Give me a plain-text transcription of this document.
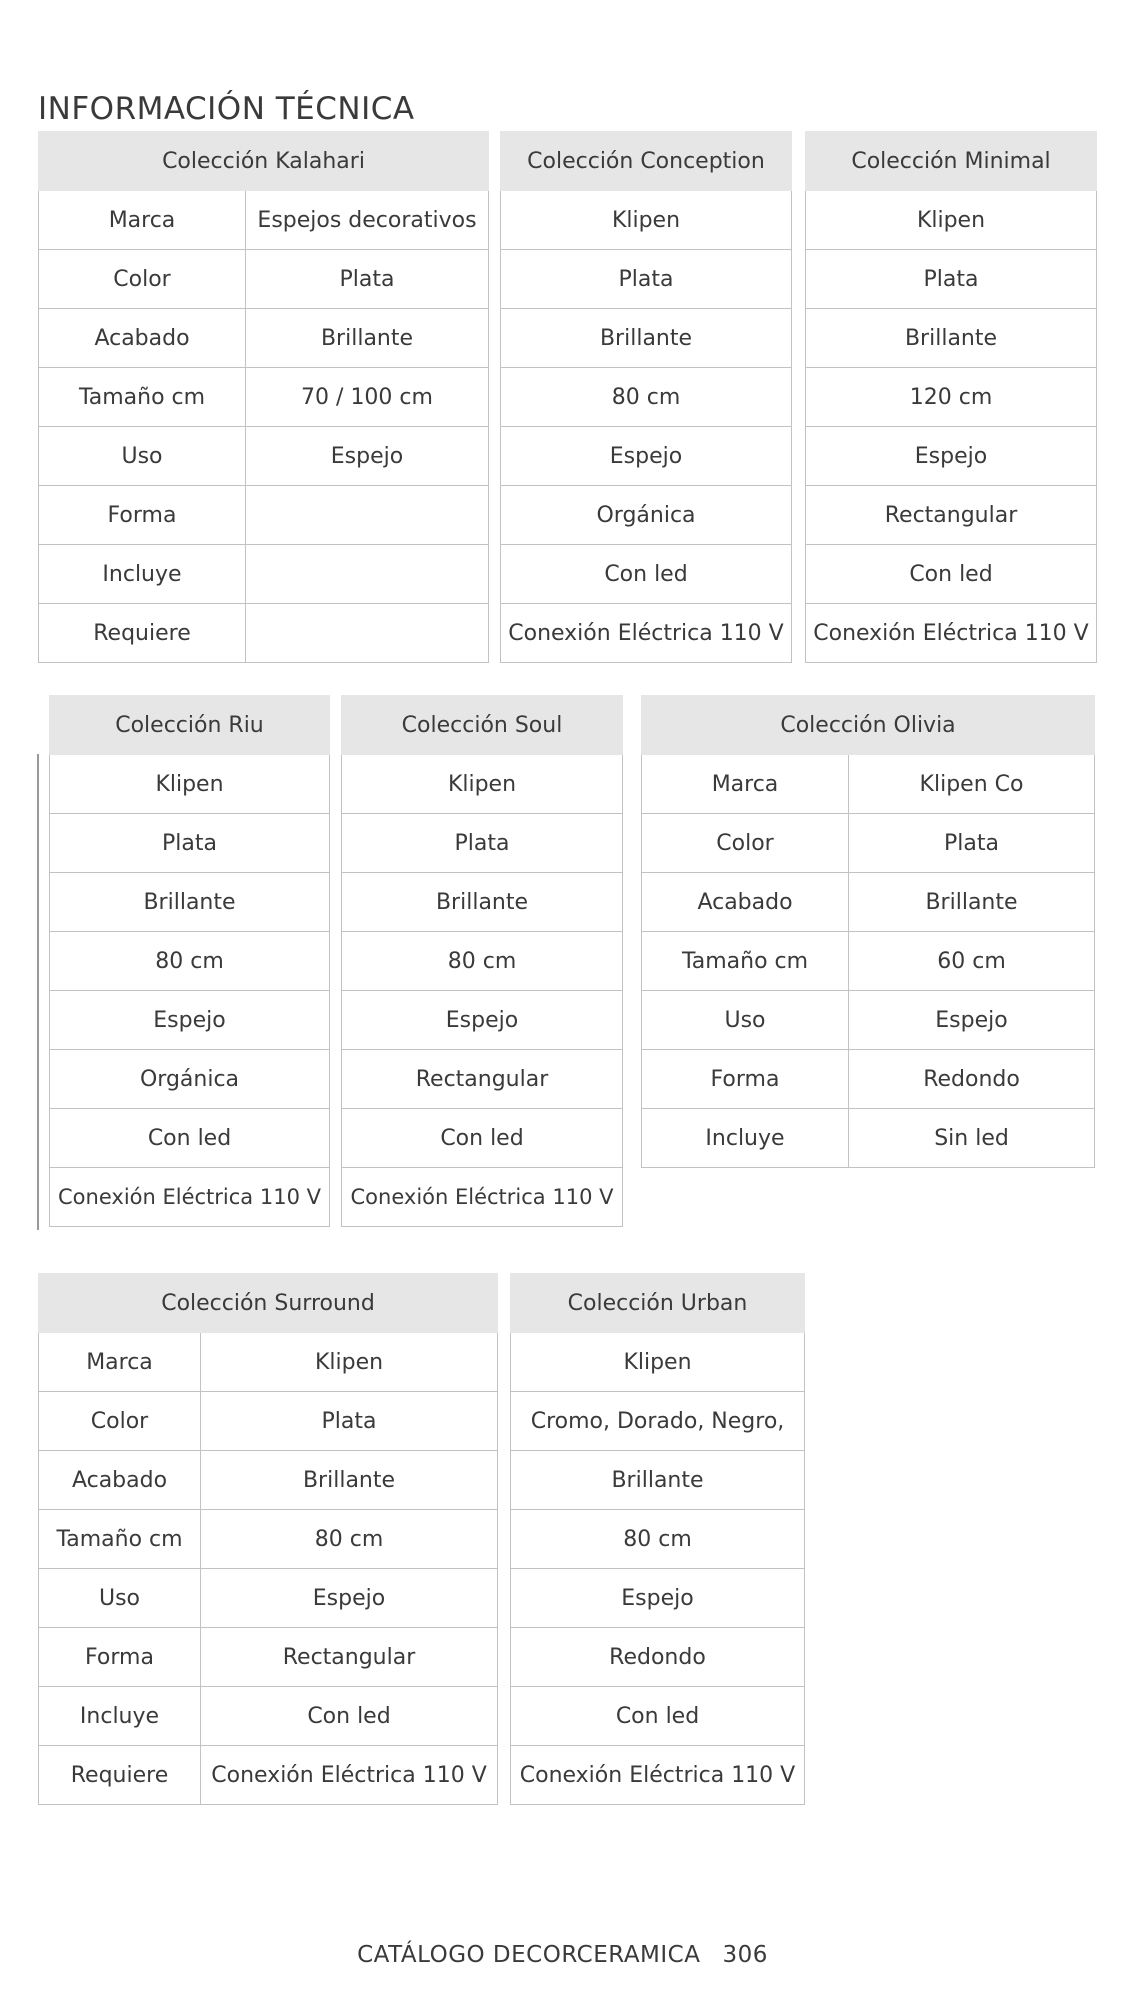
INFORMACIÓN TÉCNICA
Colección Kalahari	
Marca	Espejos decorativos
Color	Plata
Acabado	Brillante
Tamaño cm	70 / 100 cm
Uso	Espejo
Forma	
Incluye	
Requiere	
Colección Conception
Klipen
Plata
Brillante
80 cm
Espejo
Orgánica
Con led
Conexión Eléctrica 110 V
Colección Minimal
Klipen
Plata
Brillante
120 cm
Espejo
Rectangular
Con led
Conexión Eléctrica 110 V
Colección Riu
Klipen
Plata
Brillante
80 cm
Espejo
Orgánica
Con led
Conexión Eléctrica 110 V
Colección Soul
Klipen
Plata
Brillante
80 cm
Espejo
Rectangular
Con led
Conexión Eléctrica 110 V
Colección Olivia	
Marca	Klipen Co
Color	Plata
Acabado	Brillante
Tamaño cm	60 cm
Uso	Espejo
Forma	Redondo
Incluye	Sin led
Colección Surround	
Marca	Klipen
Color	Plata
Acabado	Brillante
Tamaño cm	80 cm
Uso	Espejo
Forma	Rectangular
Incluye	Con led
Requiere	Conexión Eléctrica 110 V
Colección Urban
Klipen
Cromo, Dorado, Negro,
Brillante
80 cm
Espejo
Redondo
Con led
Conexión Eléctrica 110 V
CATÁLOGO DECORCERAMICA 306
